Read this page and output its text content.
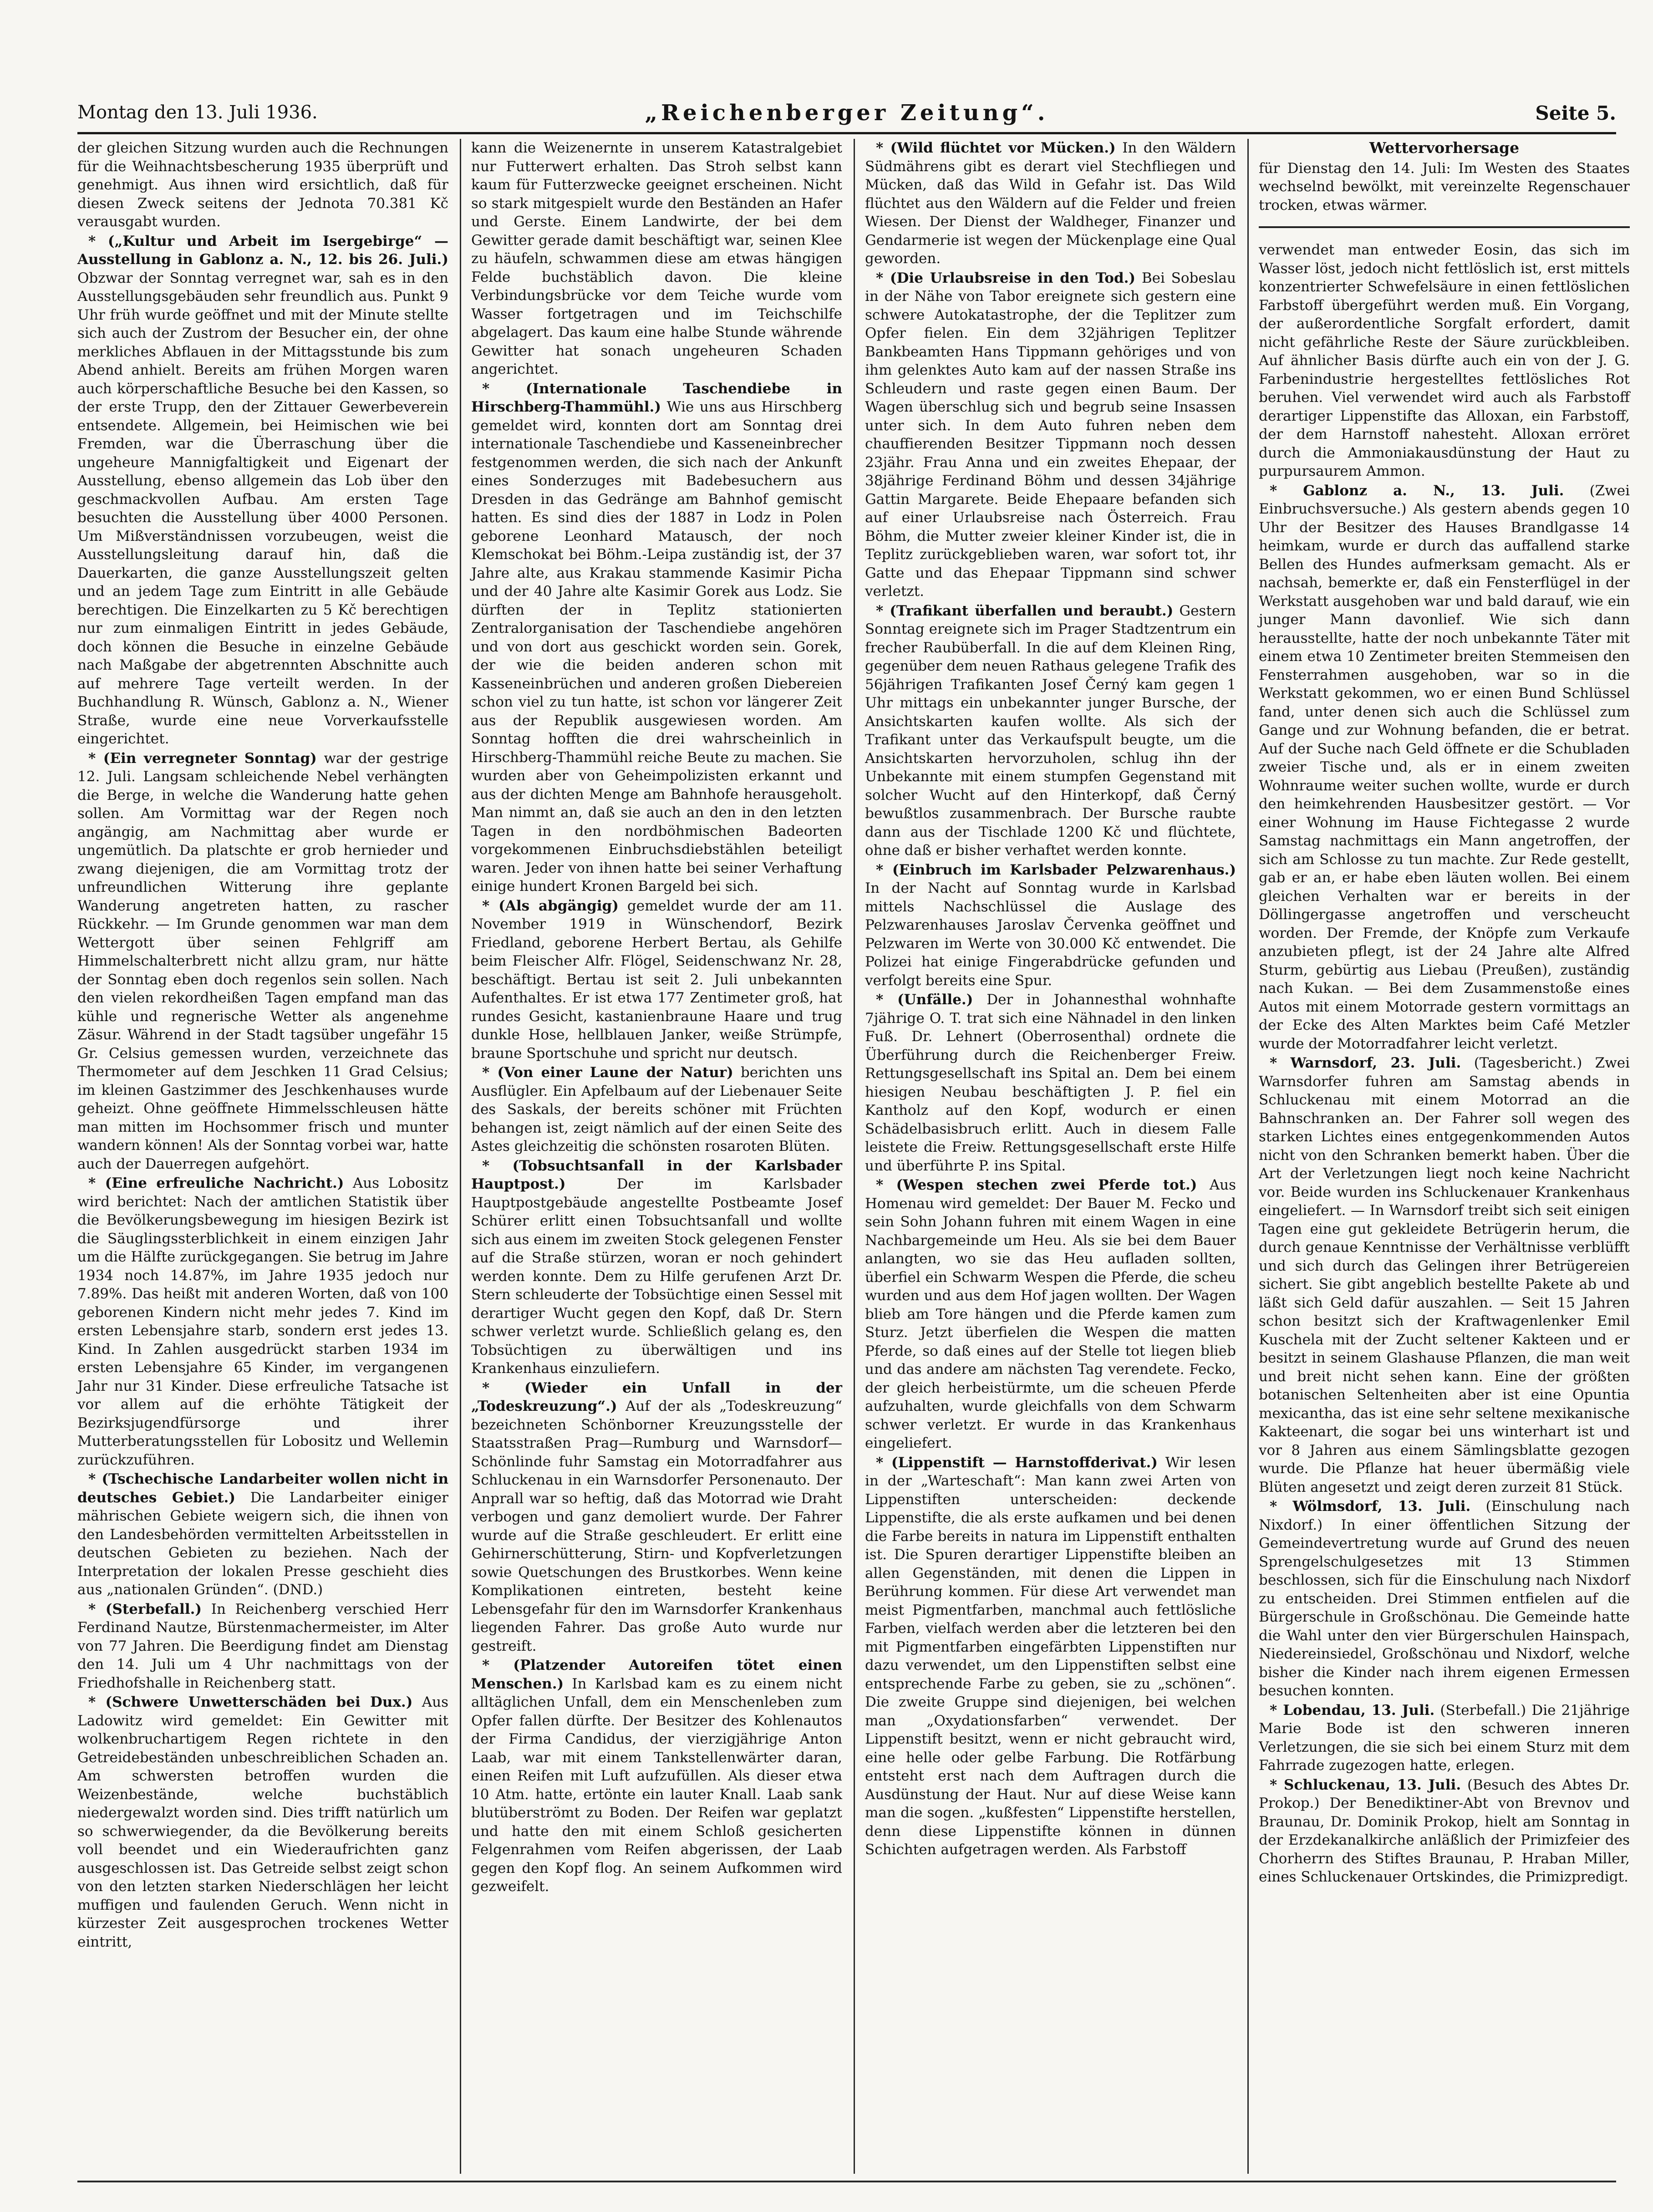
Montag den 13. Juli 1936.	„Reichenberger Zeitung“.	Seite 5.

der gleichen Sitzung wurden auch die Rechnungen für die Weihnachtsbescherung 1935 überprüft und genehmigt. Aus ihnen wird ersichtlich, daß für diesen Zweck seitens der Jednota 70.381 Kč verausgabt wurden.

* („Kultur und Arbeit im Isergebirge“ — Ausstellung in Gablonz a. N., 12. bis 26. Juli.) Obzwar der Sonntag verregnet war, sah es in den Ausstellungsgebäuden sehr freundlich aus. Punkt 9 Uhr früh wurde geöffnet und mit der Minute stellte sich auch der Zustrom der Besucher ein, der ohne merkliches Abflauen in der Mittagsstunde bis zum Abend anhielt. Bereits am frühen Morgen waren auch körperschaftliche Besuche bei den Kassen, so der erste Trupp, den der Zittauer Gewerbeverein entsendete. Allgemein, bei Heimischen wie bei Fremden, war die Überraschung über die ungeheure Mannigfaltigkeit und Eigenart der Ausstellung, ebenso allgemein das Lob über den geschmackvollen Aufbau. Am ersten Tage besuchten die Ausstellung über 4000 Personen. Um Mißverständnissen vorzubeugen, weist die Ausstellungsleitung darauf hin, daß die Dauerkarten, die ganze Ausstellungszeit gelten und an jedem Tage zum Eintritt in alle Gebäude berechtigen. Die Einzelkarten zu 5 Kč berechtigen nur zum einmaligen Eintritt in jedes Gebäude, doch können die Besuche in einzelne Gebäude nach Maßgabe der abgetrennten Abschnitte auch auf mehrere Tage verteilt werden. In der Buchhandlung R. Wünsch, Gablonz a. N., Wiener Straße, wurde eine neue Vorverkaufsstelle eingerichtet.

* (Ein verregneter Sonntag) war der gestrige 12. Juli. Langsam schleichende Nebel verhängten die Berge, in welche die Wanderung hatte gehen sollen. Am Vormittag war der Regen noch angängig, am Nachmittag aber wurde er ungemütlich. Da platschte er grob hernieder und zwang diejenigen, die am Vormittag trotz der unfreundlichen Witterung ihre geplante Wanderung angetreten hatten, zu rascher Rückkehr. — Im Grunde genommen war man dem Wettergott über seinen Fehlgriff am Himmelschalterbrett nicht allzu gram, nur hätte der Sonntag eben doch regenlos sein sollen. Nach den vielen rekordheißen Tagen empfand man das kühle und regnerische Wetter als angenehme Zäsur. Während in der Stadt tagsüber ungefähr 15 Gr. Celsius gemessen wurden, verzeichnete das Thermometer auf dem Jeschken 11 Grad Celsius; im kleinen Gastzimmer des Jeschkenhauses wurde geheizt. Ohne geöffnete Himmelsschleusen hätte man mitten im Hochsommer frisch und munter wandern können! Als der Sonntag vorbei war, hatte auch der Dauerregen aufgehört.

* (Eine erfreuliche Nachricht.) Aus Lobositz wird berichtet: Nach der amtlichen Statistik über die Bevölkerungsbewegung im hiesigen Bezirk ist die Säuglingssterblichkeit in einem einzigen Jahr um die Hälfte zurückgegangen. Sie betrug im Jahre 1934 noch 14.87%, im Jahre 1935 jedoch nur 7.89%. Das heißt mit anderen Worten, daß von 100 geborenen Kindern nicht mehr jedes 7. Kind im ersten Lebensjahre starb, sondern erst jedes 13. Kind. In Zahlen ausgedrückt starben 1934 im ersten Lebensjahre 65 Kinder, im vergangenen Jahr nur 31 Kinder. Diese erfreuliche Tatsache ist vor allem auf die erhöhte Tätigkeit der Bezirksjugendfürsorge und ihrer Mutterberatungsstellen für Lobositz und Wellemin zurückzuführen.

* (Tschechische Landarbeiter wollen nicht in deutsches Gebiet.) Die Landarbeiter einiger mährischen Gebiete weigern sich, die ihnen von den Landesbehörden vermittelten Arbeitsstellen in deutschen Gebieten zu beziehen. Nach der Interpretation der lokalen Presse geschieht dies aus „nationalen Gründen“. (DND.)

* (Sterbefall.) In Reichenberg verschied Herr Ferdinand Nautze, Bürstenmachermeister, im Alter von 77 Jahren. Die Beerdigung findet am Dienstag den 14. Juli um 4 Uhr nachmittags von der Friedhofshalle in Reichenberg statt.

* (Schwere Unwetterschäden bei Dux.) Aus Ladowitz wird gemeldet: Ein Gewitter mit wolkenbruchartigem Regen richtete in den Getreidebeständen unbeschreiblichen Schaden an. Am schwersten betroffen wurden die Weizenbestände, welche buchstäblich niedergewalzt worden sind. Dies trifft natürlich um so schwerwiegender, da die Bevölkerung bereits voll beendet und ein Wiederaufrichten ganz ausgeschlossen ist. Das Getreide selbst zeigt schon von den letzten starken Niederschlägen her leicht muffigen und faulenden Geruch. Wenn nicht in kürzester Zeit ausgesprochen trockenes Wetter eintritt,

kann die Weizenernte in unserem Katastralgebiet nur Futterwert erhalten. Das Stroh selbst kann kaum für Futterzwecke geeignet erscheinen. Nicht so stark mitgespielt wurde den Beständen an Hafer und Gerste. Einem Landwirte, der bei dem Gewitter gerade damit beschäftigt war, seinen Klee zu häufeln, schwammen diese am etwas hängigen Felde buchstäblich davon. Die kleine Verbindungsbrücke vor dem Teiche wurde vom Wasser fortgetragen und im Teichschilfe abgelagert. Das kaum eine halbe Stunde währende Gewitter hat sonach ungeheuren Schaden angerichtet.

* (Internationale Taschendiebe in Hirschberg-Thammühl.) Wie uns aus Hirschberg gemeldet wird, konnten dort am Sonntag drei internationale Taschendiebe und Kasseneinbrecher festgenommen werden, die sich nach der Ankunft eines Sonderzuges mit Badebesuchern aus Dresden in das Gedränge am Bahnhof gemischt hatten. Es sind dies der 1887 in Lodz in Polen geborene Leonhard Matausch, der noch Klemschokat bei Böhm.-Leipa zuständig ist, der 37 Jahre alte, aus Krakau stammende Kasimir Picha und der 40 Jahre alte Kasimir Gorek aus Lodz. Sie dürften der in Teplitz stationierten Zentralorganisation der Taschendiebe angehören und von dort aus geschickt worden sein. Gorek, der wie die beiden anderen schon mit Kasseneinbrüchen und anderen großen Diebereien schon viel zu tun hatte, ist schon vor längerer Zeit aus der Republik ausgewiesen worden. Am Sonntag hofften die drei wahrscheinlich in Hirschberg-Thammühl reiche Beute zu machen. Sie wurden aber von Geheimpolizisten erkannt und aus der dichten Menge am Bahnhofe herausgeholt. Man nimmt an, daß sie auch an den in den letzten Tagen in den nordböhmischen Badeorten vorgekommenen Einbruchsdiebstählen beteiligt waren. Jeder von ihnen hatte bei seiner Verhaftung einige hundert Kronen Bargeld bei sich.

* (Als abgängig) gemeldet wurde der am 11. November 1919 in Wünschendorf, Bezirk Friedland, geborene Herbert Bertau, als Gehilfe beim Fleischer Alfr. Flögel, Seidenschwanz Nr. 28, beschäftigt. Bertau ist seit 2. Juli unbekannten Aufenthaltes. Er ist etwa 177 Zentimeter groß, hat rundes Gesicht, kastanienbraune Haare und trug dunkle Hose, hellblauen Janker, weiße Strümpfe, braune Sportschuhe und spricht nur deutsch.

* (Von einer Laune der Natur) berichten uns Ausflügler. Ein Apfelbaum auf der Liebenauer Seite des Saskals, der bereits schöner mit Früchten behangen ist, zeigt nämlich auf der einen Seite des Astes gleichzeitig die schönsten rosaroten Blüten.

* (Tobsuchtsanfall in der Karlsbader Hauptpost.)	Der im Karlsbader Hauptpostgebäude angestellte Postbeamte Josef Schürer erlitt einen Tobsuchtsanfall und wollte sich aus einem im zweiten Stock gelegenen Fenster auf die Straße stürzen, woran er noch gehindert werden konnte. Dem zu Hilfe gerufenen Arzt Dr. Stern schleuderte der Tobsüchtige einen Sessel mit derartiger Wucht gegen den Kopf, daß Dr. Stern schwer verletzt wurde. Schließlich gelang es, den Tobsüchtigen zu überwältigen und ins Krankenhaus einzuliefern.

* (Wieder ein Unfall in der „Todeskreuzung“.) Auf der als „Todeskreuzung“ bezeichneten Schönborner Kreuzungsstelle der Staatsstraßen Prag—Rumburg und Warnsdorf—Schönlinde fuhr Samstag ein Motorradfahrer aus Schluckenau in ein Warnsdorfer Personenauto. Der Anprall war so heftig, daß das Motorrad wie Draht verbogen und ganz demoliert wurde. Der Fahrer wurde auf die Straße geschleudert. Er erlitt eine Gehirnerschütterung, Stirn- und Kopfverletzungen sowie Quetschungen des Brustkorbes. Wenn keine Komplikationen eintreten, besteht keine Lebensgefahr für den im Warnsdorfer Krankenhaus liegenden Fahrer. Das große Auto wurde nur gestreift.

* (Platzender Autoreifen tötet einen Menschen.) In Karlsbad kam es zu einem nicht alltäglichen Unfall, dem ein Menschenleben zum Opfer fallen dürfte. Der Besitzer des Kohlenautos der Firma Candidus, der vierzigjährige Anton Laab, war mit einem Tankstellenwärter daran, einen Reifen mit Luft aufzufüllen. Als dieser etwa 10 Atm. hatte, ertönte ein lauter Knall. Laab sank blutüberströmt zu Boden. Der Reifen war geplatzt und hatte den mit einem Schloß gesicherten Felgenrahmen vom Reifen abgerissen, der Laab gegen den Kopf flog. An seinem Aufkommen wird gezweifelt.

* (Wild flüchtet vor Mücken.) In den Wäldern Südmährens gibt es derart viel Stechfliegen und Mücken, daß das Wild in Gefahr ist. Das Wild flüchtet aus den Wäldern auf die Felder und freien Wiesen. Der Dienst der Waldheger, Finanzer und Gendarmerie ist wegen der Mückenplage eine Qual geworden.

* (Die Urlaubsreise in den Tod.) Bei Sobeslau in der Nähe von Tabor ereignete sich gestern eine schwere Autokatastrophe, der die Teplitzer zum Opfer fielen. Ein dem 32jährigen Teplitzer Bankbeamten Hans Tippmann gehöriges und von ihm gelenktes Auto kam auf der nassen Straße ins Schleudern und raste gegen einen Baum. Der Wagen überschlug sich und begrub seine Insassen unter sich. In dem Auto fuhren neben dem chauffierenden Besitzer Tippmann noch dessen 23jähr. Frau Anna und ein zweites Ehepaar, der 38jährige Ferdinand Böhm und dessen 34jährige Gattin Margarete. Beide Ehepaare befanden sich auf einer Urlaubsreise nach Österreich. Frau Böhm, die Mutter zweier kleiner Kinder ist, die in Teplitz zurückgeblieben waren, war sofort tot, ihr Gatte und das Ehepaar Tippmann sind schwer verletzt.

* (Trafikant überfallen und beraubt.) Gestern Sonntag ereignete sich im Prager Stadtzentrum ein frecher Raubüberfall. In die auf dem Kleinen Ring, gegenüber dem neuen Rathaus gelegene Trafik des 56jährigen Trafikanten Josef Černý kam gegen 1 Uhr mittags ein unbekannter junger Bursche, der Ansichtskarten kaufen wollte. Als sich der Trafikant unter das Verkaufspult beugte, um die Ansichtskarten hervorzuholen, schlug ihn der Unbekannte mit einem stumpfen Gegenstand mit solcher Wucht auf den Hinterkopf, daß Černý bewußtlos zusammenbrach. Der Bursche raubte dann aus der Tischlade 1200 Kč und flüchtete, ohne daß er bisher verhaftet werden konnte.

* (Einbruch im Karlsbader Pelzwarenhaus.) In der Nacht auf Sonntag wurde in Karlsbad mittels Nachschlüssel die Auslage des Pelzwarenhauses Jaroslav Červenka geöffnet und Pelzwaren im Werte von 30.000 Kč entwendet. Die Polizei hat einige Fingerabdrücke gefunden und verfolgt bereits eine Spur.

* (Unfälle.) Der in Johannesthal wohnhafte 7jährige O. T. trat sich eine Nähnadel in den linken Fuß. Dr. Lehnert (Oberrosenthal) ordnete die Überführung durch die Reichenberger Freiw. Rettungsgesellschaft ins Spital an. Dem bei einem hiesigen Neubau beschäftigten J. P. fiel ein Kantholz auf den Kopf, wodurch er einen Schädelbasisbruch erlitt. Auch in diesem Falle leistete die Freiw. Rettungsgesellschaft erste Hilfe und überführte P. ins Spital.

* (Wespen stechen zwei Pferde tot.) Aus Homenau wird gemeldet: Der Bauer M. Fecko und sein Sohn Johann fuhren mit einem Wagen in eine Nachbargemeinde um Heu. Als sie bei dem Bauer anlangten, wo sie das Heu aufladen sollten, überfiel ein Schwarm Wespen die Pferde, die scheu wurden und aus dem Hof jagen wollten. Der Wagen blieb am Tore hängen und die Pferde kamen zum Sturz. Jetzt überfielen die Wespen die matten Pferde, so daß eines auf der Stelle tot liegen blieb und das andere am nächsten Tag verendete. Fecko, der gleich herbeistürmte, um die scheuen Pferde aufzuhalten, wurde gleichfalls von dem Schwarm schwer verletzt. Er wurde in das Krankenhaus eingeliefert.

* (Lippenstift — Harnstoffderivat.) Wir lesen in der „Warteschaft“: Man kann zwei Arten von Lippenstiften unterscheiden: deckende Lippenstifte, die als erste aufkamen und bei denen die Farbe bereits in natura im Lippenstift enthalten ist. Die Spuren derartiger Lippenstifte bleiben an allen Gegenständen, mit denen die Lippen in Berührung kommen. Für diese Art verwendet man meist Pigmentfarben, manchmal auch fettlösliche Farben, vielfach werden aber die letzteren bei den mit Pigmentfarben eingefärbten Lippenstiften nur dazu verwendet, um den Lippenstiften selbst eine entsprechende Farbe zu geben, sie zu „schönen“. Die zweite Gruppe sind diejenigen, bei welchen man „Oxydationsfarben“ verwendet. Der Lippenstift besitzt, wenn er nicht gebraucht wird, eine helle oder gelbe Farbung. Die Rotfärbung entsteht erst nach dem Auftragen durch die Ausdünstung der Haut. Nur auf diese Weise kann man die sogen. „kußfesten“ Lippenstifte herstellen, denn diese Lippenstifte können in dünnen Schichten aufgetragen werden. Als Farbstoff

Wettervorhersage

für Dienstag den 14. Juli: Im Westen des Staates wechselnd bewölkt, mit vereinzelte Regenschauer trocken, etwas wärmer.

verwendet man entweder Eosin, das sich im Wasser löst, jedoch nicht fettlöslich ist, erst mittels konzentrierter Schwefelsäure in einen fettlöslichen Farbstoff übergeführt werden muß. Ein Vorgang, der außerordentliche Sorgfalt erfordert, damit nicht gefährliche Reste der Säure zurückbleiben. Auf ähnlicher Basis dürfte auch ein von der J. G. Farbenindustrie hergestelltes fettlösliches Rot beruhen. Viel verwendet wird auch als Farbstoff derartiger Lippenstifte das Alloxan, ein Farbstoff, der dem Harnstoff nahesteht. Alloxan erröret durch die Ammoniakausdünstung der Haut zu purpursaurem Ammon.

* Gablonz a. N., 13. Juli. (Zwei Einbruchsversuche.) Als gestern abends gegen 10 Uhr der Besitzer des Hauses Brandlgasse 14 heimkam, wurde er durch das auffallend starke Bellen des Hundes aufmerksam gemacht. Als er nachsah, bemerkte er, daß ein Fensterflügel in der Werkstatt ausgehoben war und bald darauf, wie ein junger Mann davonlief. Wie sich dann herausstellte, hatte der noch unbekannte Täter mit einem etwa 10 Zentimeter breiten Stemmeisen den Fensterrahmen ausgehoben, war so in die Werkstatt gekommen, wo er einen Bund Schlüssel fand, unter denen sich auch die Schlüssel zum Gange und zur Wohnung befanden, die er betrat. Auf der Suche nach Geld öffnete er die Schubladen zweier Tische und, als er in einem zweiten Wohnraume weiter suchen wollte, wurde er durch den heimkehrenden Hausbesitzer gestört. — Vor einer Wohnung im Hause Fichtegasse 2 wurde Samstag nachmittags ein Mann angetroffen, der sich am Schlosse zu tun machte. Zur Rede gestellt, gab er an, er habe eben läuten wollen. Bei einem gleichen Verhalten war er bereits in der Döllingergasse angetroffen und verscheucht worden. Der Fremde, der Knöpfe zum Verkaufe anzubieten pflegt, ist der 24 Jahre alte Alfred Sturm, gebürtig aus Liebau (Preußen), zuständig nach Kukan. — Bei dem Zusammenstoße eines Autos mit einem Motorrade gestern vormittags an der Ecke des Alten Marktes beim Café Metzler wurde der Motorradfahrer leicht verletzt.

* Warnsdorf, 23. Juli. (Tagesbericht.) Zwei Warnsdorfer fuhren am Samstag abends in Schluckenau mit einem Motorrad an die Bahnschranken an. Der Fahrer soll wegen des starken Lichtes eines entgegenkommenden Autos nicht von den Schranken bemerkt haben. Über die Art der Verletzungen liegt noch keine Nachricht vor. Beide wurden ins Schluckenauer Krankenhaus eingeliefert. — In Warnsdorf treibt sich seit einigen Tagen eine gut gekleidete Betrügerin herum, die durch genaue Kenntnisse der Verhältnisse verblüfft und sich durch das Gelingen ihrer Betrügereien sichert. Sie gibt angeblich bestellte Pakete ab und läßt sich Geld dafür auszahlen. — Seit 15 Jahren schon besitzt sich der Kraftwagenlenker Emil Kuschela mit der Zucht seltener Kakteen und er besitzt in seinem Glashause Pflanzen, die man weit und breit nicht sehen kann. Eine der größten botanischen Seltenheiten aber ist eine Opuntia mexicantha, das ist eine sehr seltene mexikanische Kakteenart, die sogar bei uns winterhart ist und vor 8 Jahren aus einem Sämlingsblatte gezogen wurde. Die Pflanze hat heuer übermäßig viele Blüten angesetzt und zeigt deren zurzeit 81 Stück.

* Wölmsdorf, 13. Juli. (Einschulung nach Nixdorf.) In einer öffentlichen Sitzung der Gemeindevertretung wurde auf Grund des neuen Sprengelschulgesetzes mit 13 Stimmen beschlossen, sich für die Einschulung nach Nixdorf zu entscheiden. Drei Stimmen entfielen auf die Bürgerschule in Großschönau. Die Gemeinde hatte die Wahl unter den vier Bürgerschulen Hainspach, Niedereinsiedel, Großschönau und Nixdorf, welche bisher die Kinder nach ihrem eigenen Ermessen besuchen konnten.

* Lobendau, 13. Juli. (Sterbefall.) Die 21jährige Marie Bode ist den schweren inneren Verletzungen, die sie sich bei einem Sturz mit dem Fahrrade zugezogen hatte, erlegen.

* Schluckenau, 13. Juli. (Besuch des Abtes Dr. Prokop.) Der Benediktiner-Abt von Brevnov und Braunau, Dr. Dominik Prokop, hielt am Sonntag in der Erzdekanalkirche anläßlich der Primizfeier des Chorherrn des Stiftes Braunau, P. Hraban Miller, eines Schluckenauer Ortskindes, die Primizpredigt.
